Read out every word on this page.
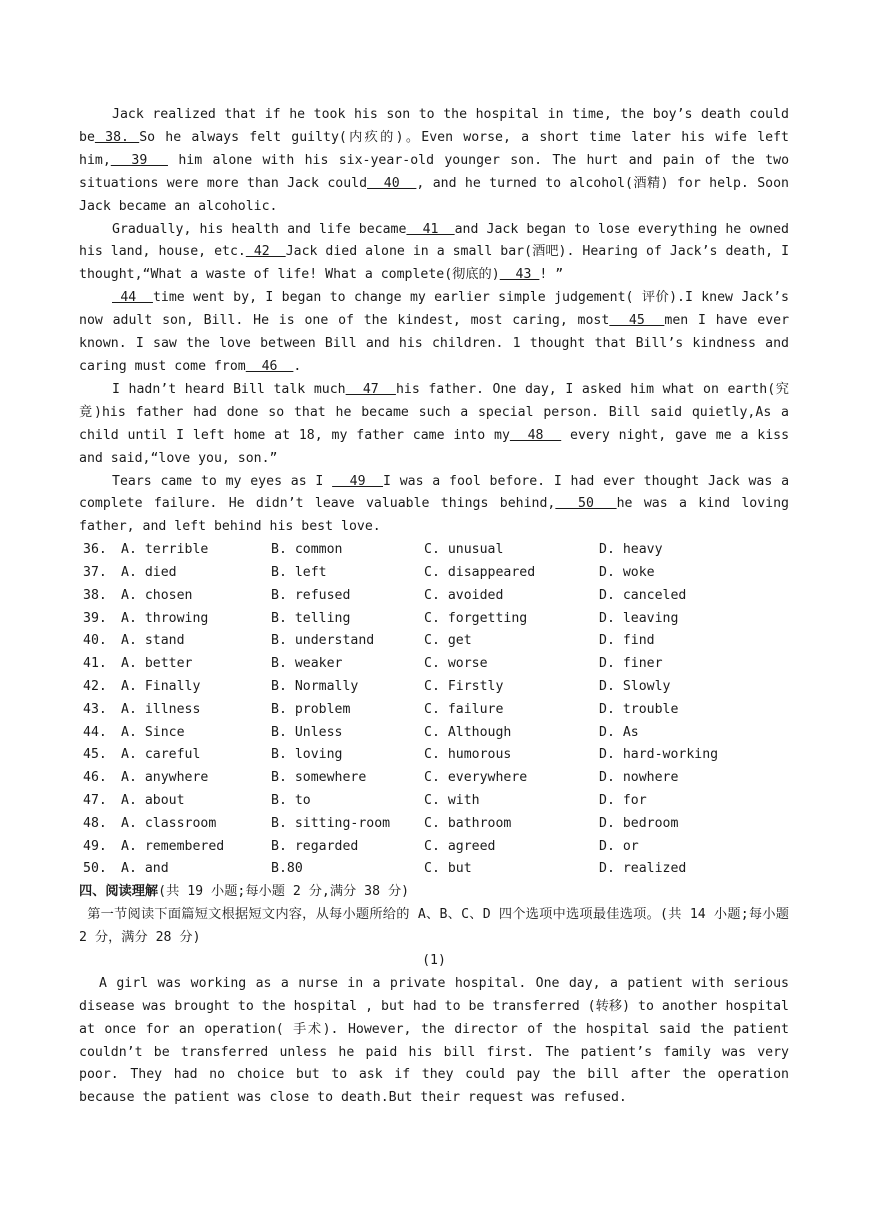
Jack realized that if he took his son to the hospital in time, the boy’s death could be 38. So he always felt guilty(内疚的)。Even worse, a short time later his wife left him,  39   him alone with his six-year-old younger son. The hurt and pain of the two situations were more than Jack could  40  , and he turned to alcohol(酒精) for help. Soon Jack became an alcoholic.

Gradually, his health and life became  41  and Jack began to lose everything he owned his land, house, etc. 42  Jack died alone in a small bar(酒吧). Hearing of Jack’s death, I thought,“What a waste of life! What a complete(彻底的)  43 ! ”

44  time went by, I began to change my earlier simple judgement( 评价).I knew Jack’s now adult son, Bill. He is one of the kindest, most caring, most  45  men I have ever known. I saw the love between Bill and his children. 1 thought that Bill’s kindness and caring must come from  46  .

I hadn’t heard Bill talk much  47  his father. One day, I asked him what on earth(究竟)his father had done so that he became such a special person. Bill said quietly,As a child until I left home at 18, my father came into my  48   every night, gave me a kiss and said,“love you, son.”

Tears came to my eyes as I   49  I was a fool before. I had ever thought Jack was a complete failure. He didn’t leave valuable things behind,  50  he was a kind loving father, and left behind his best love.

36. A. terrible	B. common	C. unusual	D. heavy
37. A. died	B. left	C. disappeared	D. woke
38. A. chosen	B. refused	C. avoided	D. canceled
39. A. throwing	B. telling	C. forgetting	D. leaving
40. A. stand	B. understand	C. get	D. find
41. A. better	B. weaker	C. worse	D. finer
42. A. Finally	B. Normally	C. Firstly	D. Slowly
43. A. illness	B. problem	C. failure	D. trouble
44. A. Since	B. Unless	C. Although	D. As
45. A. careful	B. loving	C. humorous	D. hard-working
46. A. anywhere	B. somewhere	C. everywhere	D. nowhere
47. A. about	B. to	C. with	D. for
48. A. classroom	B. sitting-room	C. bathroom	D. bedroom
49. A. remembered	B. regarded	C. agreed	D. or
50. A. and	B.80	C. but	D. realized

四、阅读理解(共 19 小题;每小题 2 分,满分 38 分)

第一节阅读下面篇短文根据短文内容，从每小题所给的 A、B、C、D 四个选项中选项最佳选项。(共 14 小题;每小题 2 分，满分 28 分)

(1)

A girl was working as a nurse in a private hospital. One day, a patient with serious disease was brought to the hospital , but had to be transferred (转移) to another hospital at once for an operation( 手术). However, the director of the hospital said the patient couldn’t be transferred unless he paid his bill first. The patient’s family was very poor. They had no choice but to ask if they could pay the bill after the operation because the patient was close to death.But their request was refused.
